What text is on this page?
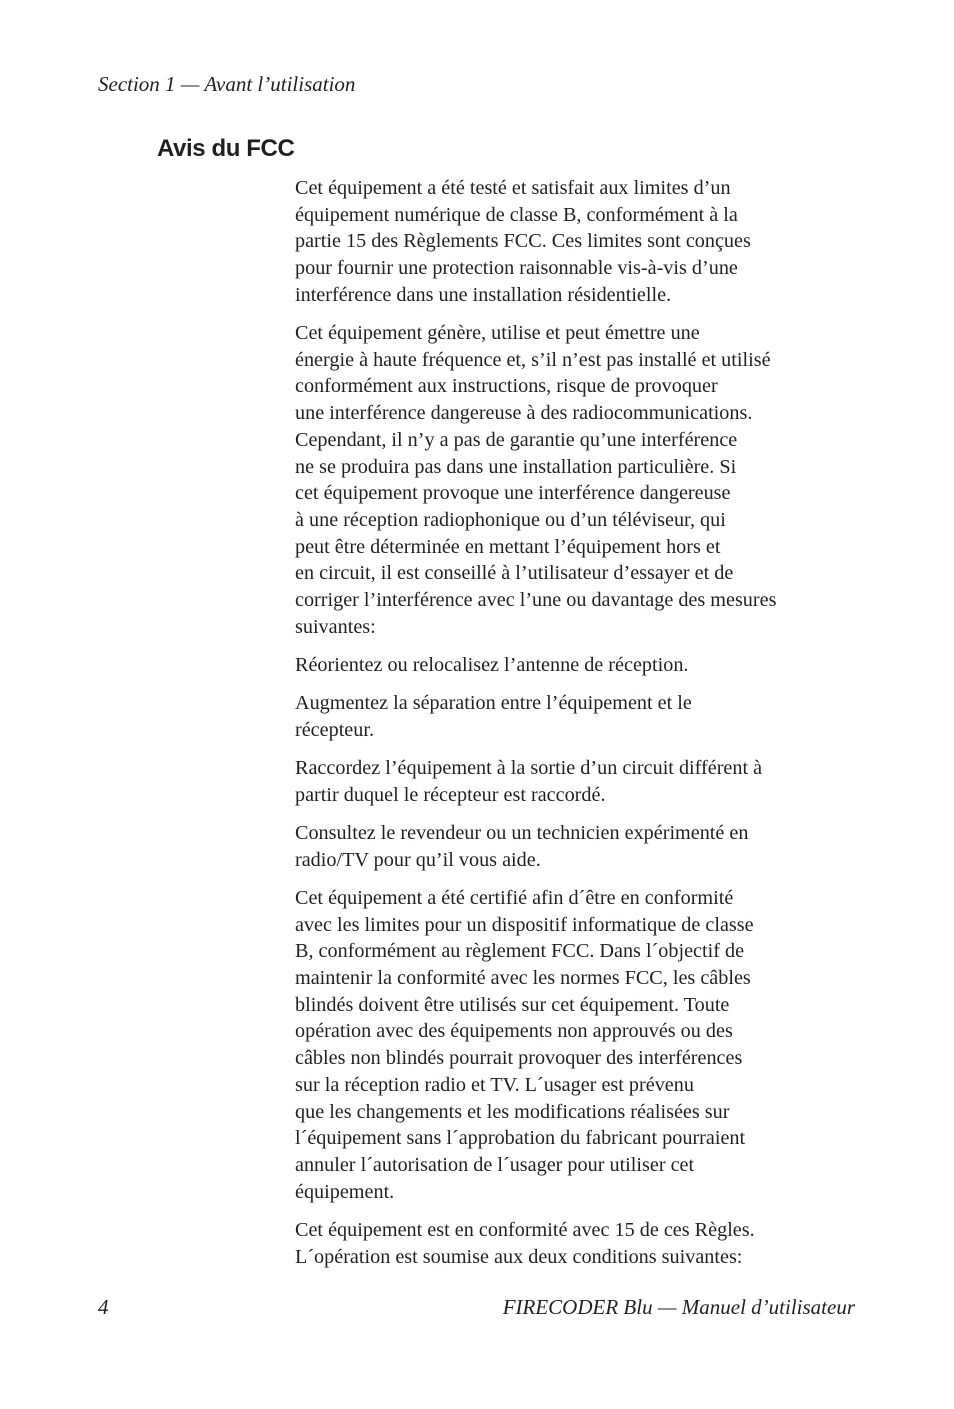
Section 1 — Avant l’utilisation
Avis du FCC

Cet équipement a été testé et satisfait aux limites d’un
équipement numérique de classe B, conformément à la
partie 15 des Règlements FCC. Ces limites sont conçues
pour fournir une protection raisonnable vis-à-vis d’une
interférence dans une installation résidentielle.

Cet équipement génère, utilise et peut émettre une
énergie à haute fréquence et, s’il n’est pas installé et utilisé
conformément aux instructions, risque de provoquer
une interférence dangereuse à des radiocommunications.
Cependant, il n’y a pas de garantie qu’une interférence
ne se produira pas dans une installation particulière. Si
cet équipement provoque une interférence dangereuse
à une réception radiophonique ou d’un téléviseur, qui
peut être déterminée en mettant l’équipement hors et
en circuit, il est conseillé à l’utilisateur d’essayer et de
corriger l’interférence avec l’une ou davantage des mesures
suivantes:

Réorientez ou relocalisez l’antenne de réception.

Augmentez la séparation entre l’équipement et le
récepteur.

Raccordez l’équipement à la sortie d’un circuit différent à
partir duquel le récepteur est raccordé.

Consultez le revendeur ou un technicien expérimenté en
radio/TV pour qu’il vous aide.

Cet équipement a été certifié afin d´être en conformité
avec les limites pour un dispositif informatique de classe
B, conformément au règlement FCC. Dans l´objectif de
maintenir la conformité avec les normes FCC, les câbles
blindés doivent être utilisés sur cet équipement. Toute
opération avec des équipements non approuvés ou des
câbles non blindés pourrait provoquer des interférences
sur la réception radio et TV. L´usager est prévenu
que les changements et les modifications réalisées sur
l´équipement sans l´approbation du fabricant pourraient
annuler l´autorisation de l´usager pour utiliser cet
équipement.

Cet équipement est en conformité avec 15 de ces Règles.
L´opération est soumise aux deux conditions suivantes:

4	FIRECODER Blu — Manuel d’utilisateur
